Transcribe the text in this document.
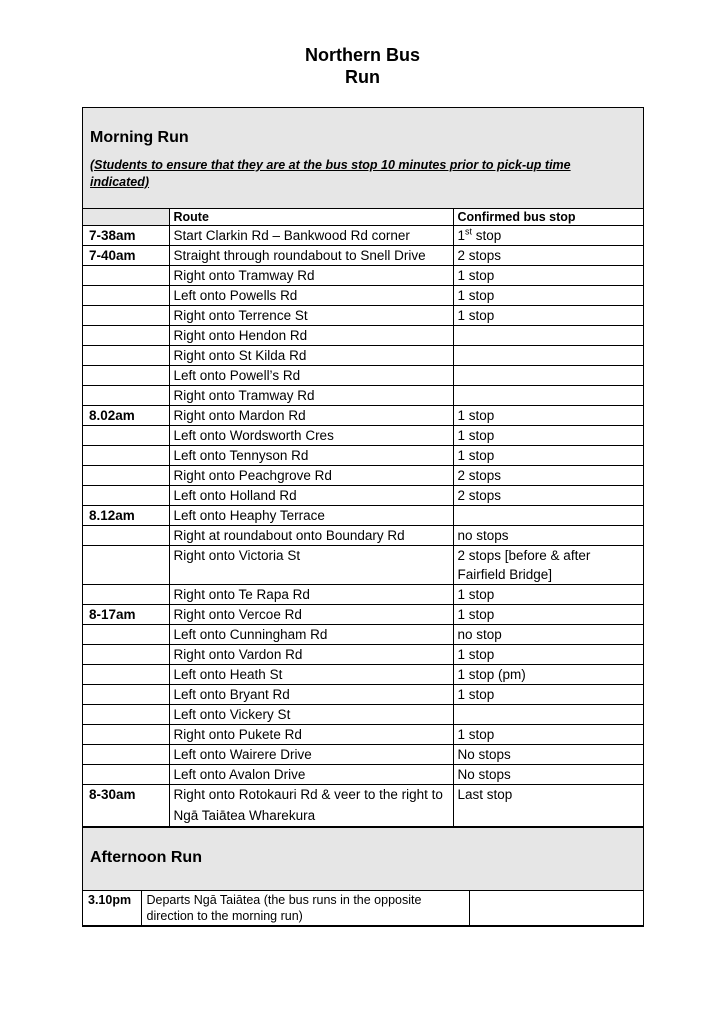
Northern Bus
Run
Morning Run
(Students to ensure that they are at the bus stop 10 minutes prior to pick-up time indicated)
	Route	Confirmed bus stop
7-38am	Start Clarkin Rd – Bankwood Rd corner	1st stop
7-40am	Straight through roundabout to Snell Drive	2 stops
	Right onto Tramway Rd	1 stop
	Left onto Powells Rd	1 stop
	Right onto Terrence St	1 stop
	Right onto Hendon Rd	
	Right onto St Kilda Rd	
	Left onto Powell’s Rd	
	Right onto Tramway Rd	
8.02am	Right onto Mardon Rd	1 stop
	Left onto Wordsworth Cres	1 stop
	Left onto Tennyson Rd	1 stop
	Right onto Peachgrove Rd	2 stops
	Left onto Holland Rd	2 stops
8.12am	Left onto Heaphy Terrace	
	Right at roundabout onto Boundary Rd	no stops
	Right onto Victoria St	2 stops [before & after Fairfield Bridge]
	Right onto Te Rapa Rd	1 stop
8-17am	Right onto Vercoe Rd	1 stop
	Left onto Cunningham Rd	no stop
	Right onto Vardon Rd	1 stop
	Left onto Heath St	1 stop (pm)
	Left onto Bryant Rd	1 stop
	Left onto Vickery St	
	Right onto Pukete Rd	1 stop
	Left onto Wairere Drive	No stops
	Left onto Avalon Drive	No stops
8-30am	Right onto Rotokauri Rd & veer to the right to
Ngā Taiātea Wharekura	Last stop
Afternoon Run
3.10pm	Departs Ngā Taiātea (the bus runs in the opposite direction to the morning run)	
